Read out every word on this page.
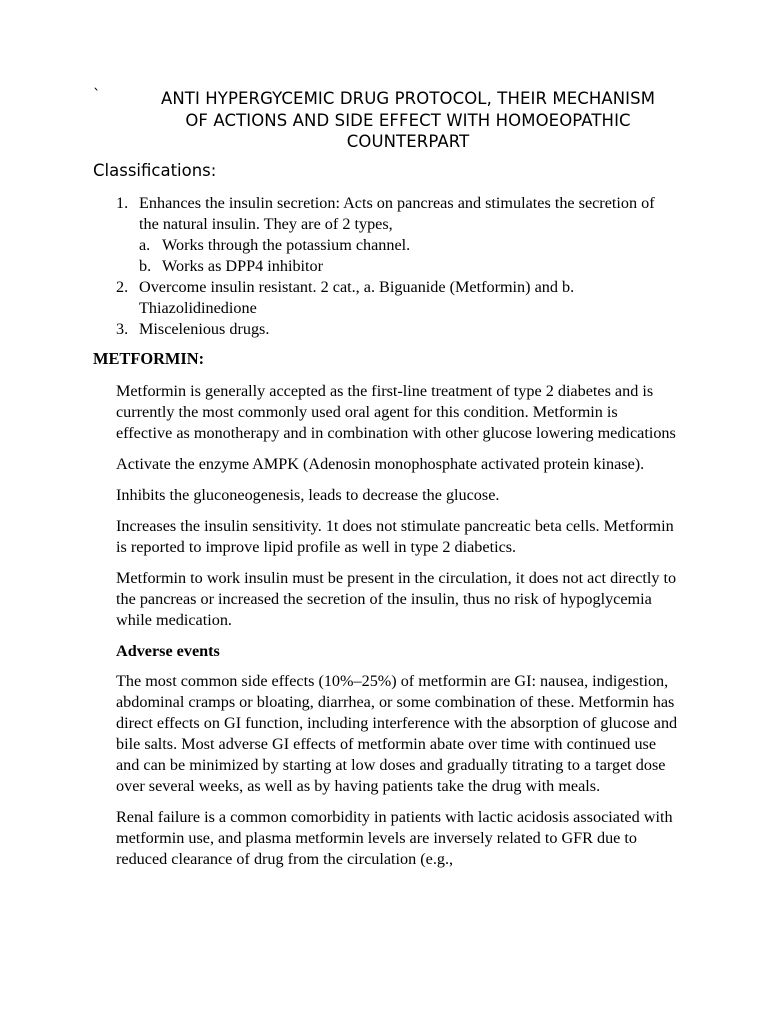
`	ANTI HYPERGYCEMIC DRUG PROTOCOL, THEIR MECHANISM
OF ACTIONS AND SIDE EFFECT WITH HOMOEOPATHIC
COUNTERPART
Classifications:
1. Enhances the insulin secretion: Acts on pancreas and stimulates the secretion of the natural insulin. They are of 2 types,
a. Works through the potassium channel.
b. Works as DPP4 inhibitor
2. Overcome insulin resistant. 2 cat., a. Biguanide (Metformin) and b. Thiazolidinedione
3. Miscelenious drugs.
METFORMIN:

Metformin is generally accepted as the first-line treatment of type 2 diabetes and is currently the most commonly used oral agent for this condition. Metformin is effective as monotherapy and in combination with other glucose lowering medications

Activate the enzyme AMPK (Adenosin monophosphate activated protein kinase).

Inhibits the gluconeogenesis, leads to decrease the glucose.

Increases the insulin sensitivity. 1t does not stimulate pancreatic beta cells. Metformin is reported to improve lipid profile as well in type 2 diabetics.

Metformin to work insulin must be present in the circulation, it does not act directly to the pancreas or increased the secretion of the insulin, thus no risk of hypoglycemia while medication.

Adverse events

The most common side effects (10%–25%) of metformin are GI: nausea, indigestion, abdominal cramps or bloating, diarrhea, or some combination of these. Metformin has direct effects on GI function, including interference with the absorption of glucose and bile salts. Most adverse GI effects of metformin abate over time with continued use and can be minimized by starting at low doses and gradually titrating to a target dose over several weeks, as well as by having patients take the drug with meals.

Renal failure is a common comorbidity in patients with lactic acidosis associated with metformin use, and plasma metformin levels are inversely related to GFR due to reduced clearance of drug from the circulation (e.g.,
